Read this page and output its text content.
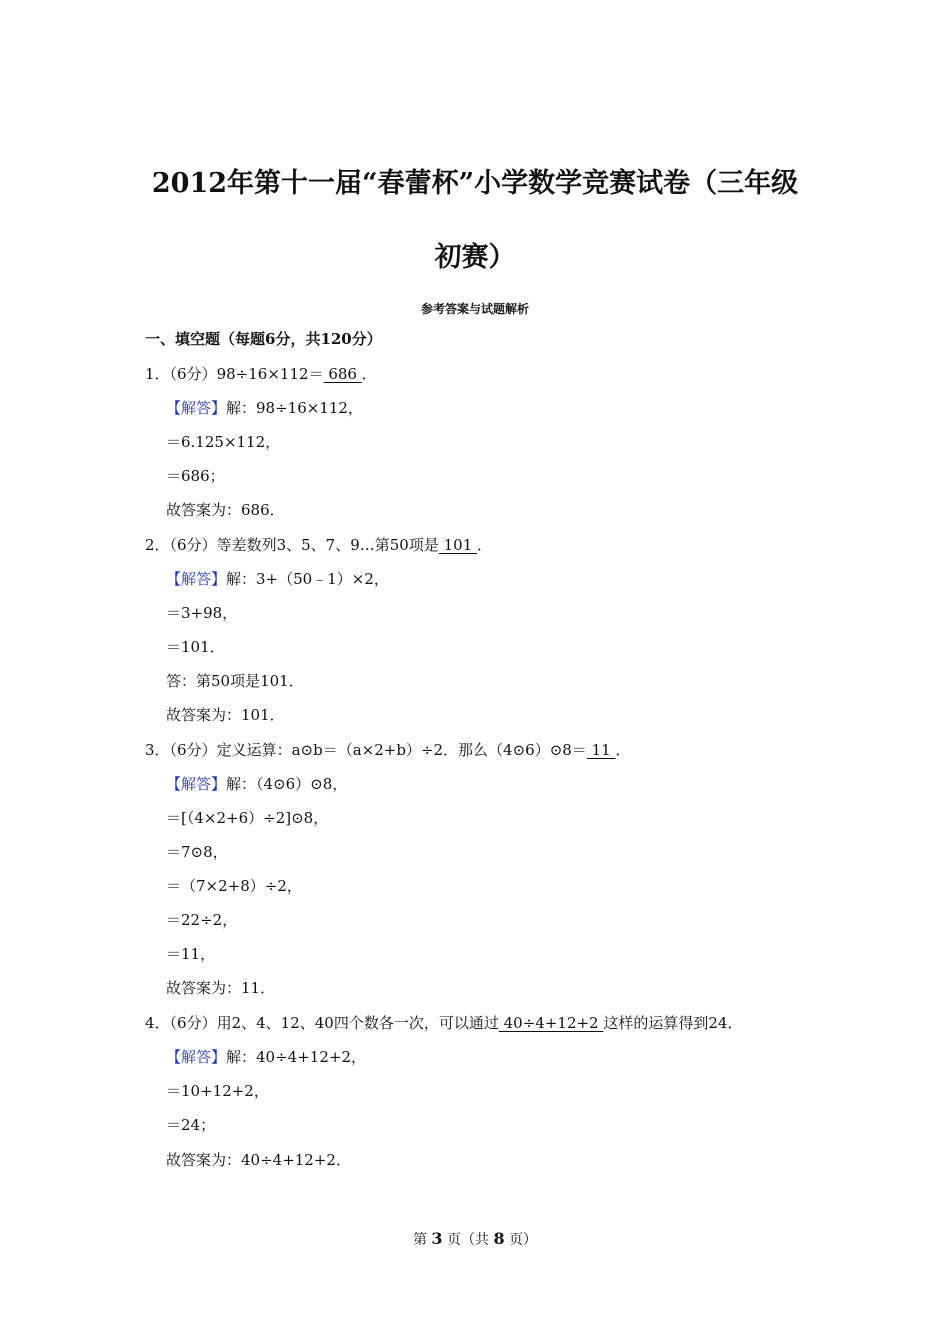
2012年第十一届“春蕾杯”小学数学竞赛试卷（三年级
初赛）
参考答案与试题解析
一、填空题（每题6分，共120分）
1．（6分）98÷16×112＝ 686 ．
【解答】解：98÷16×112，
＝6.125×112，
＝686；
故答案为：686．
2．（6分）等差数列3、5、7、9…第50项是 101 ．
【解答】解：3+（50﹣1）×2，
＝3+98，
＝101．
答：第50项是101．
故答案为：101．
3．（6分）定义运算：a⊙b＝（a×2+b）÷2．那么（4⊙6）⊙8＝ 11 ．
【解答】解：（4⊙6）⊙8，
＝[（4×2+6）÷2]⊙8，
＝7⊙8，
＝（7×2+8）÷2，
＝22÷2，
＝11，
故答案为：11．
4．（6分）用2、4、12、40四个数各一次，可以通过 40÷4+12+2 这样的运算得到24．
【解答】解：40÷4+12+2，
＝10+12+2，
＝24；
故答案为：40÷4+12+2．
第 3 页（共 8 页）
